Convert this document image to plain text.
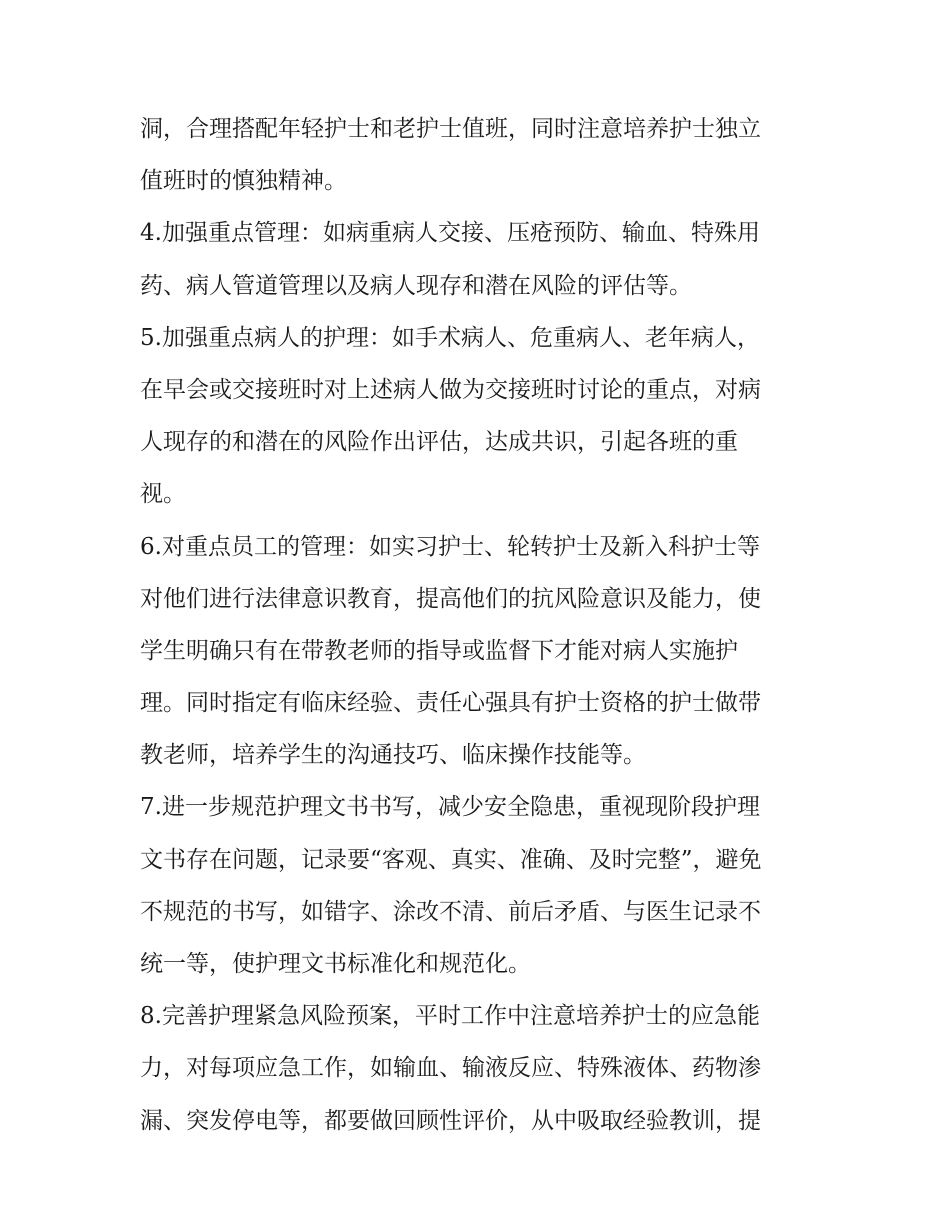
洞，合理搭配年轻护士和老护士值班，同时注意培养护士独立
值班时的慎独精神。
4.加强重点管理：如病重病人交接、压疮预防、输血、特殊用
药、病人管道管理以及病人现存和潜在风险的评估等。
5.加强重点病人的护理：如手术病人、危重病人、老年病人，
在早会或交接班时对上述病人做为交接班时讨论的重点，对病
人现存的和潜在的风险作出评估，达成共识，引起各班的重
视。
6.对重点员工的管理：如实习护士、轮转护士及新入科护士等
对他们进行法律意识教育，提高他们的抗风险意识及能力，使
学生明确只有在带教老师的指导或监督下才能对病人实施护
理。同时指定有临床经验、责任心强具有护士资格的护士做带
教老师，培养学生的沟通技巧、临床操作技能等。
7.进一步规范护理文书书写，减少安全隐患，重视现阶段护理
文书存在问题，记录要“客观、真实、准确、及时完整”，避免
不规范的书写，如错字、涂改不清、前后矛盾、与医生记录不
统一等，使护理文书标准化和规范化。
8.完善护理紧急风险预案，平时工作中注意培养护士的应急能
力，对每项应急工作，如输血、输液反应、特殊液体、药物渗
漏、突发停电等，都要做回顾性评价，从中吸取经验教训，提
